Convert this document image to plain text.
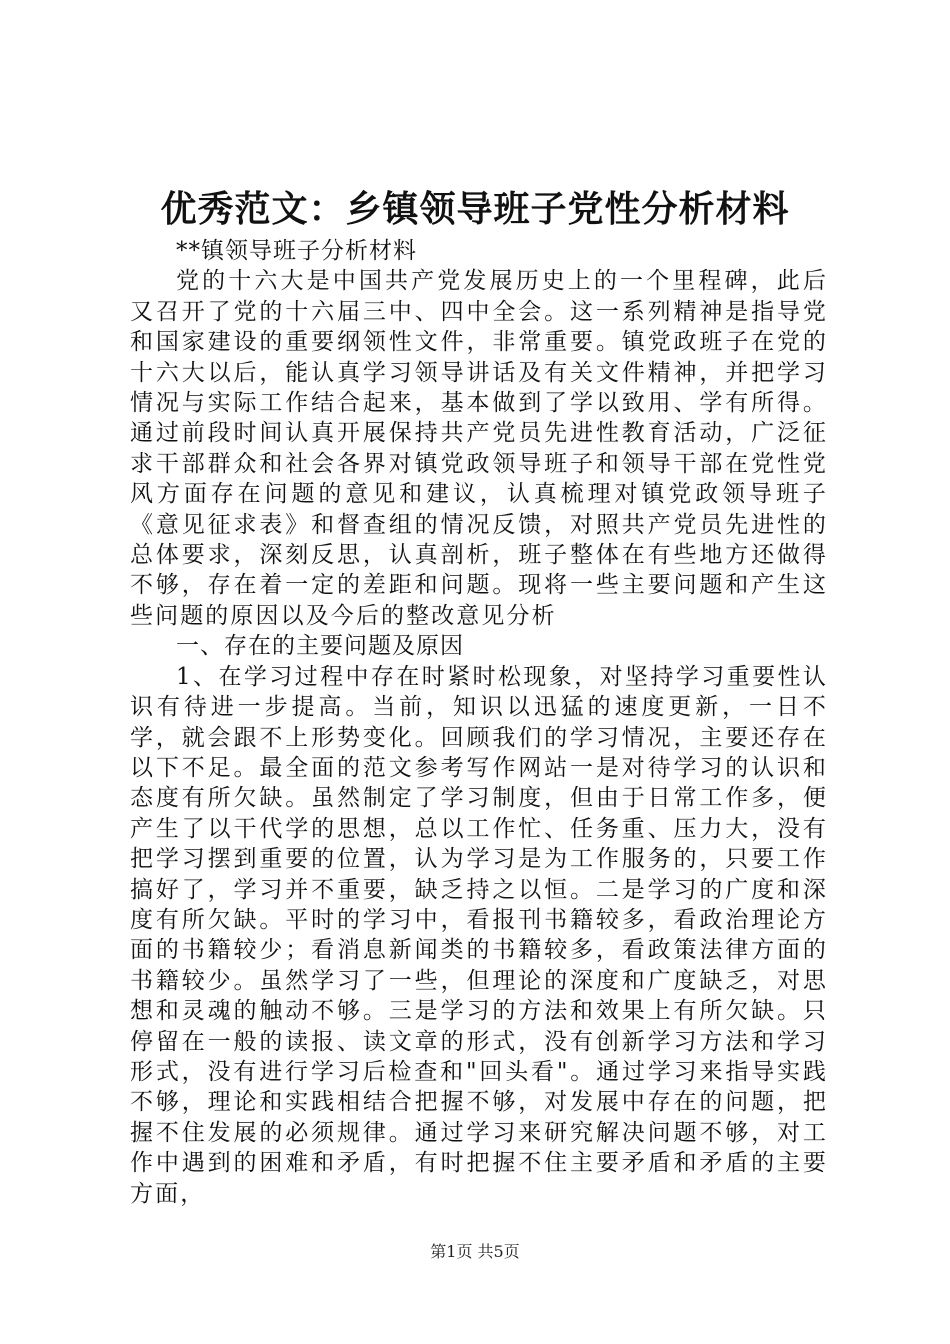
优秀范文：乡镇领导班子党性分析材料

**镇领导班子分析材料

党的十六大是中国共产党发展历史上的一个里程碑，此后又召开了党的十六届三中、四中全会。这一系列精神是指导党和国家建设的重要纲领性文件，非常重要。镇党政班子在党的十六大以后，能认真学习领导讲话及有关文件精神，并把学习情况与实际工作结合起来，基本做到了学以致用、学有所得。通过前段时间认真开展保持共产党员先进性教育活动，广泛征求干部群众和社会各界对镇党政领导班子和领导干部在党性党风方面存在问题的意见和建议，认真梳理对镇党政领导班子《意见征求表》和督查组的情况反馈，对照共产党员先进性的总体要求，深刻反思，认真剖析，班子整体在有些地方还做得不够，存在着一定的差距和问题。现将一些主要问题和产生这些问题的原因以及今后的整改意见分析

一、存在的主要问题及原因

1、在学习过程中存在时紧时松现象，对坚持学习重要性认识有待进一步提高。当前，知识以迅猛的速度更新，一日不学，就会跟不上形势变化。回顾我们的学习情况，主要还存在以下不足。最全面的范文参考写作网站一是对待学习的认识和态度有所欠缺。虽然制定了学习制度，但由于日常工作多，便产生了以干代学的思想，总以工作忙、任务重、压力大，没有把学习摆到重要的位置，认为学习是为工作服务的，只要工作搞好了，学习并不重要，缺乏持之以恒。二是学习的广度和深度有所欠缺。平时的学习中，看报刊书籍较多，看政治理论方面的书籍较少；看消息新闻类的书籍较多，看政策法律方面的书籍较少。虽然学习了一些，但理论的深度和广度缺乏，对思想和灵魂的触动不够。三是学习的方法和效果上有所欠缺。只停留在一般的读报、读文章的形式，没有创新学习方法和学习形式，没有进行学习后检查和"回头看"。通过学习来指导实践不够，理论和实践相结合把握不够，对发展中存在的问题，把握不住发展的必须规律。通过学习来研究解决问题不够，对工作中遇到的困难和矛盾，有时把握不住主要矛盾和矛盾的主要方面，

第1页 共5页
